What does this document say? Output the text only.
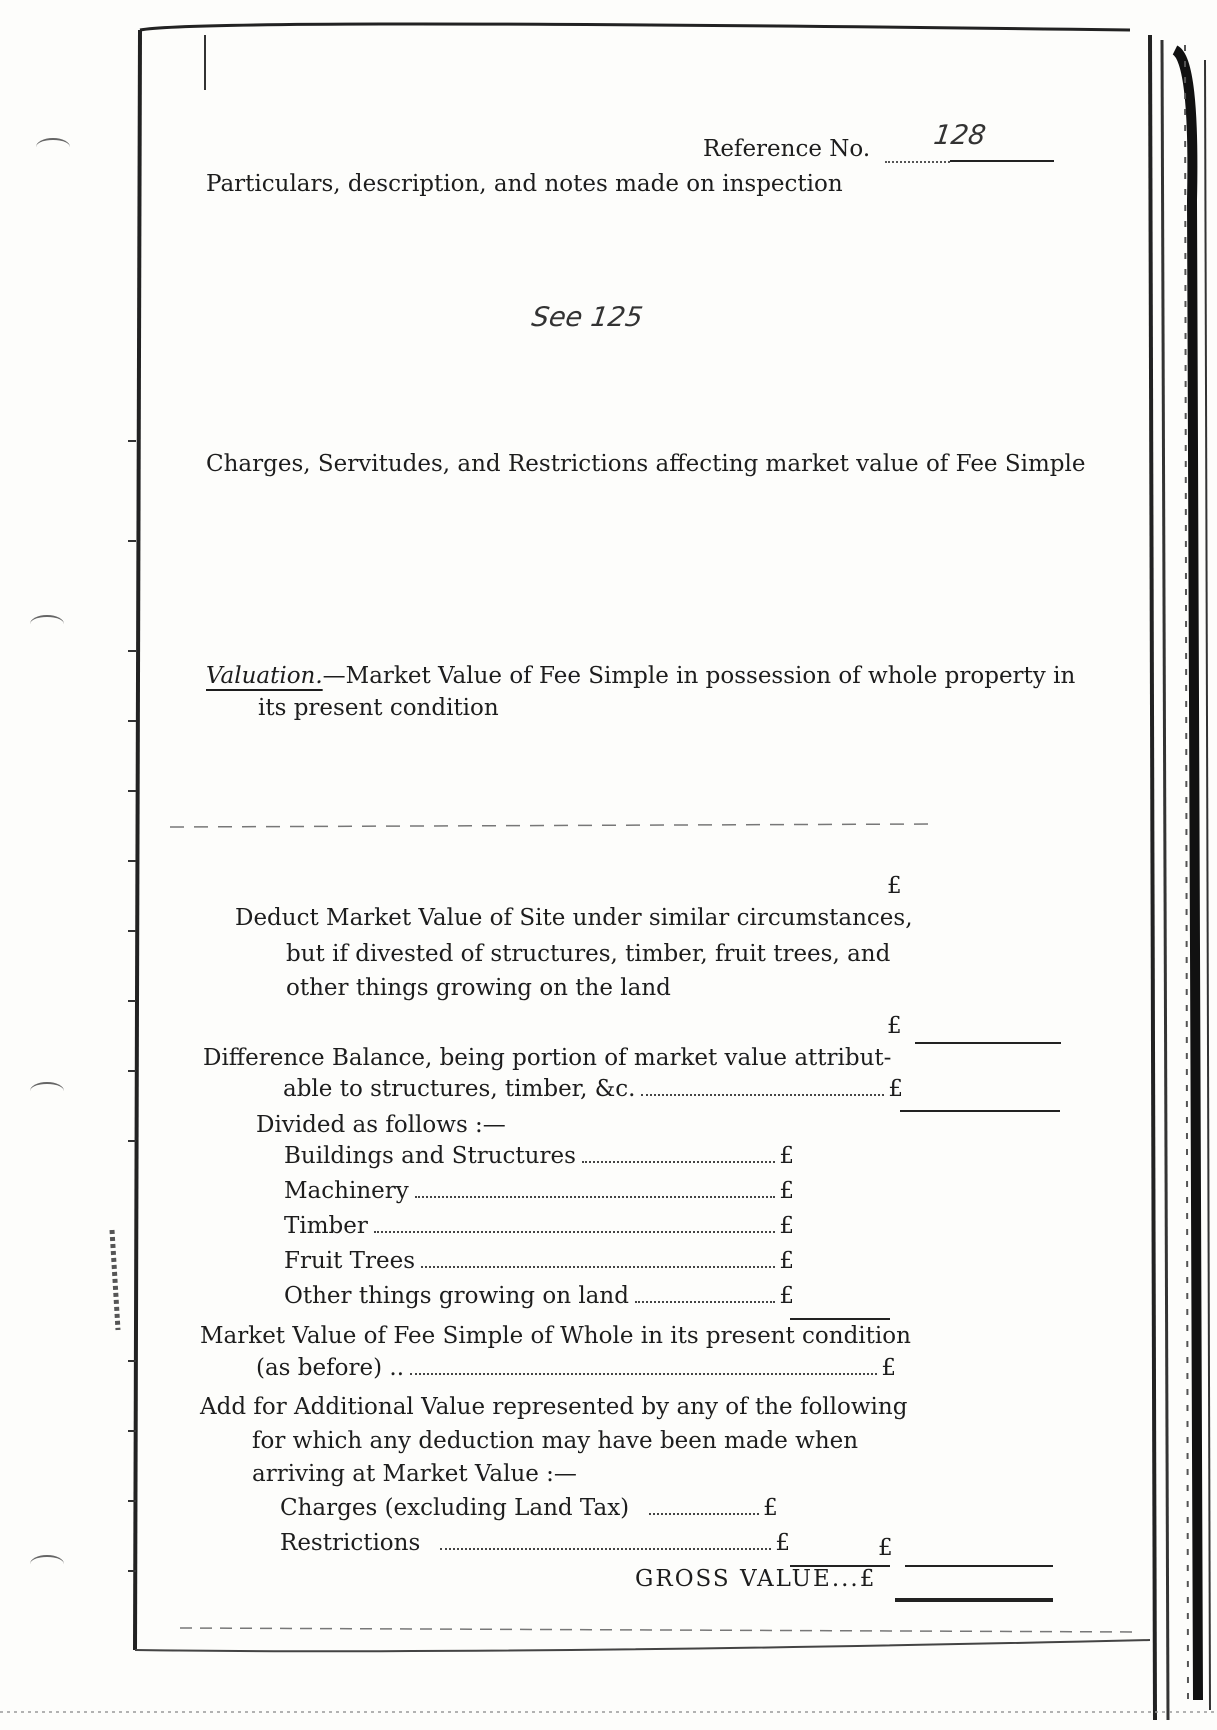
Reference No. 128
Particulars, description, and notes made on inspection
See 125
Charges, Servitudes, and Restrictions affecting market value of Fee Simple
Valuation.—Market Value of Fee Simple in possession of whole property in
its present condition
£
Deduct Market Value of Site under similar circumstances,
but if divested of structures, timber, fruit trees, and
other things growing on the land
£
Difference Balance, being portion of market value attribut-
able to structures, timber, &c.	£
Divided as follows :—
Buildings and Structures	£
Machinery	£
Timber	£
Fruit Trees	£
Other things growing on land	£
Market Value of Fee Simple of Whole in its present condition
(as before) ..	£
Add for Additional Value represented by any of the following
for which any deduction may have been made when
arriving at Market Value :—
Charges (excluding Land Tax)	£
Restrictions	£	£
GROSS VALUE...£
